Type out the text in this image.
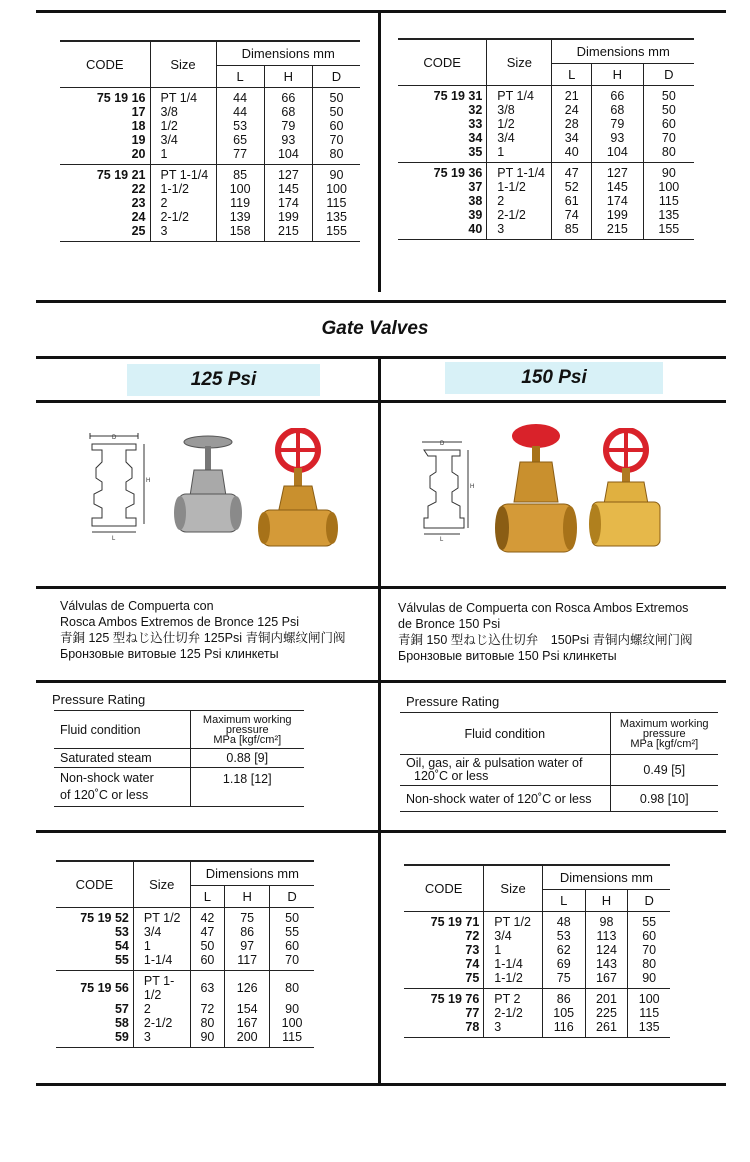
CODE	Size	Dimensions mm		
		L	H	D
75 19 16	PT 1/4	44	66	50
17	3/8	44	68	50
18	1/2	53	79	60
19	3/4	65	93	70
20	1	77	104	80
75 19 21	PT 1-1/4	85	127	90
22	1-1/2	100	145	100
23	2	119	174	115
24	2-1/2	139	199	135
25	3	158	215	155
CODE	Size	Dimensions mm		
		L	H	D
75 19 31	PT 1/4	21	66	50
32	3/8	24	68	50
33	1/2	28	79	60
34	3/4	34	93	70
35	1	40	104	80
75 19 36	PT 1-1/4	47	127	90
37	1-1/2	52	145	100
38	2	61	174	115
39	2-1/2	74	199	135
40	3	85	215	155
Gate Valves
125 Psi	150 Psi
D
H
L
D
H
L
Válvulas de Compuerta con
Rosca Ambos Extremos de Bronce 125 Psi
青銅 125 型ねじ込仕切弁 125Psi 青铜内螺纹闸门阀
Бронзовые витовые 125 Psi клинкеты
Válvulas de Compuerta con Rosca Ambos Extremos
de Bronce 150 Psi
青銅 150 型ねじ込仕切弁　150Psi 青铜内螺纹闸门阀
Бронзовые витовые 150 Psi клинкеты
Pressure Rating
Fluid condition	Maximum working
pressure
MPa [kgf/cm²]

Saturated steam	0.88 [9]

Non-shock water
of 120˚C or less	1.18 [12]
Pressure Rating
Fluid condition	Maximum working
pressure
MPa [kgf/cm²]

Oil, gas, air & pulsation water of
120˚C or less	0.49 [5]
Non-shock water of 120˚C or less	0.98 [10]
CODE	Size	Dimensions mm		
		L	H	D
75 19 52	PT 1/2	42	75	50
53	3/4	47	86	55
54	1	50	97	60
55	1-1/4	60	117	70
75 19 56	PT 1-1/2	63	126	80
57	2	72	154	90
58	2-1/2	80	167	100
59	3	90	200	115
CODE	Size	Dimensions mm		
		L	H	D
75 19 71	PT 1/2	48	98	55
72	3/4	53	113	60
73	1	62	124	70
74	1-1/4	69	143	80
75	1-1/2	75	167	90
75 19 76	PT 2	86	201	100
77	2-1/2	105	225	115
78	3	116	261	135
